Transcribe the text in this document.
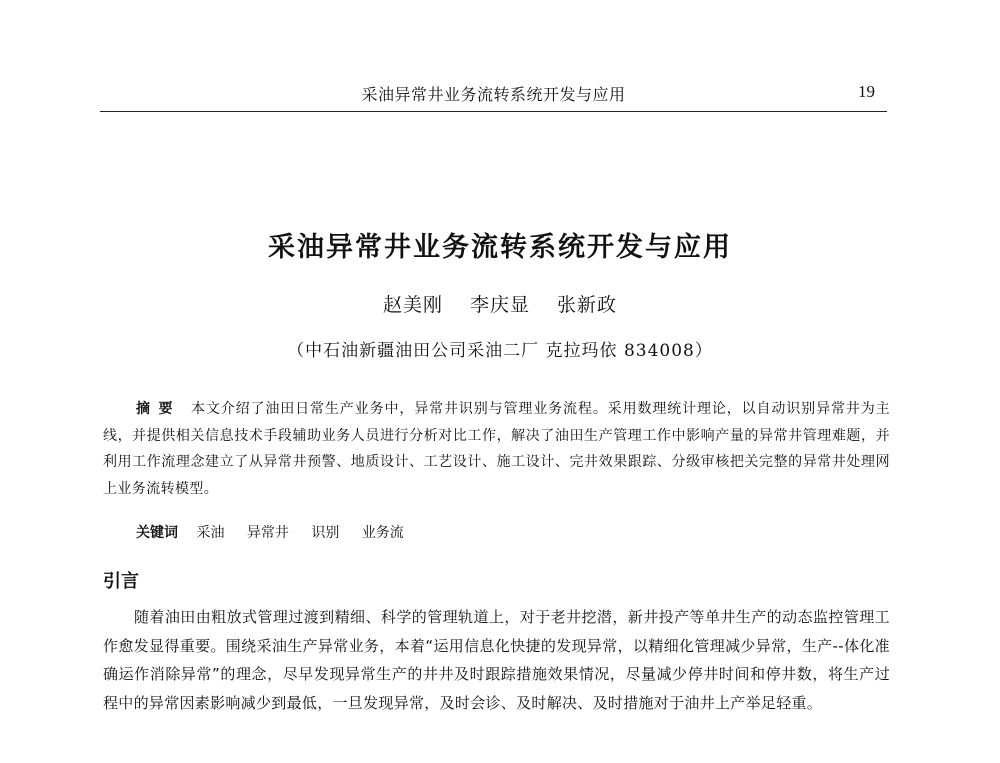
采油异常井业务流转系统开发与应用	19
采油异常井业务流转系统开发与应用
赵美刚 李庆显 张新政
（中石油新疆油田公司采油二厂 克拉玛依 834008）
摘要 本文介绍了油田日常生产业务中，异常井识别与管理业务流程。采用数理统计理论，以自动识别异常井为主线，并提供相关信息技术手段辅助业务人员进行分析对比工作，解决了油田生产管理工作中影响产量的异常井管理难题，并利用工作流理念建立了从异常井预警、地质设计、工艺设计、施工设计、完井效果跟踪、分级审核把关完整的异常井处理网上业务流转模型。
关键词 采油 异常井 识别 业务流
引言
随着油田由粗放式管理过渡到精细、科学的管理轨道上，对于老井挖潜，新井投产等单井生产的动态监控管理工作愈发显得重要。围绕采油生产异常业务，本着“运用信息化快捷的发现异常，以精细化管理减少异常，生产--体化准确运作消除异常”的理念，尽早发现异常生产的井井及时跟踪措施效果情况，尽量减少停井时间和停井数，将生产过程中的异常因素影响减少到最低，一旦发现异常，及时会诊、及时解决、及时措施对于油井上产举足轻重。
